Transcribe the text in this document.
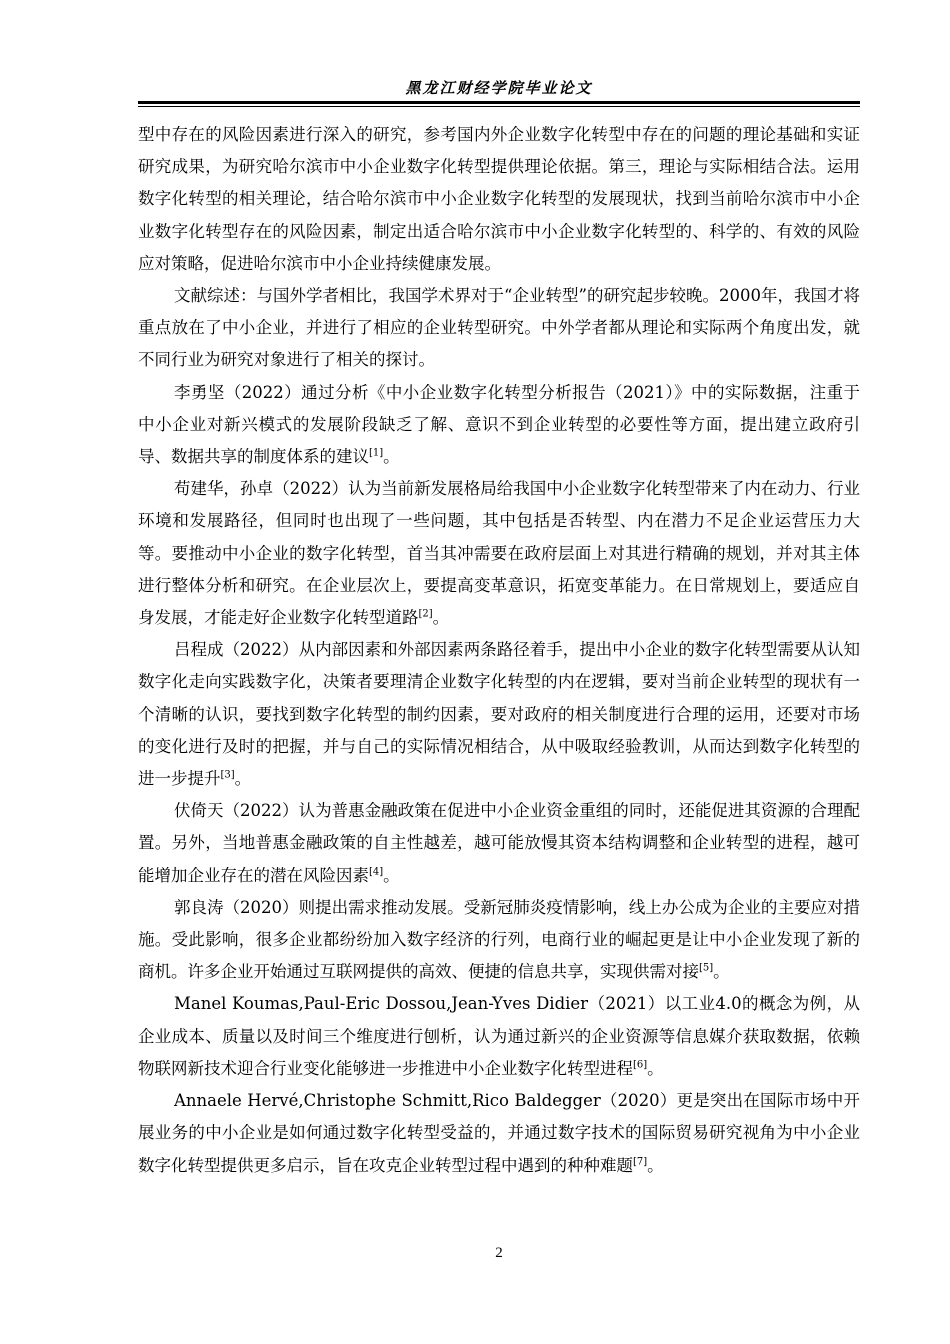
黑龙江财经学院毕业论文

型中存在的风险因素进行深入的研究，参考国内外企业数字化转型中存在的问题的理论基础和实证研究成果，为研究哈尔滨市中小企业数字化转型提供理论依据。第三，理论与实际相结合法。运用数字化转型的相关理论，结合哈尔滨市中小企业数字化转型的发展现状，找到当前哈尔滨市中小企业数字化转型存在的风险因素，制定出适合哈尔滨市中小企业数字化转型的、科学的、有效的风险应对策略，促进哈尔滨市中小企业持续健康发展。

文献综述：与国外学者相比，我国学术界对于“企业转型”的研究起步较晚。2000年，我国才将重点放在了中小企业，并进行了相应的企业转型研究。中外学者都从理论和实际两个角度出发，就不同行业为研究对象进行了相关的探讨。

李勇坚（2022）通过分析《中小企业数字化转型分析报告（2021）》中的实际数据，注重于中小企业对新兴模式的发展阶段缺乏了解、意识不到企业转型的必要性等方面，提出建立政府引导、数据共享的制度体系的建议[1]。

苟建华，孙卓（2022）认为当前新发展格局给我国中小企业数字化转型带来了内在动力、行业环境和发展路径，但同时也出现了一些问题，其中包括是否转型、内在潜力不足企业运营压力大等。要推动中小企业的数字化转型，首当其冲需要在政府层面上对其进行精确的规划，并对其主体进行整体分析和研究。在企业层次上，要提高变革意识，拓宽变革能力。在日常规划上，要适应自身发展，才能走好企业数字化转型道路[2]。

吕程成（2022）从内部因素和外部因素两条路径着手，提出中小企业的数字化转型需要从认知数字化走向实践数字化，决策者要理清企业数字化转型的内在逻辑，要对当前企业转型的现状有一个清晰的认识，要找到数字化转型的制约因素，要对政府的相关制度进行合理的运用，还要对市场的变化进行及时的把握，并与自己的实际情况相结合，从中吸取经验教训，从而达到数字化转型的进一步提升[3]。

伏倚天（2022）认为普惠金融政策在促进中小企业资金重组的同时，还能促进其资源的合理配置。另外，当地普惠金融政策的自主性越差，越可能放慢其资本结构调整和企业转型的进程，越可能增加企业存在的潜在风险因素[4]。

郭良涛（2020）则提出需求推动发展。受新冠肺炎疫情影响，线上办公成为企业的主要应对措施。受此影响，很多企业都纷纷加入数字经济的行列，电商行业的崛起更是让中小企业发现了新的商机。许多企业开始通过互联网提供的高效、便捷的信息共享，实现供需对接[5]。

Manel Koumas,Paul-Eric Dossou,Jean-Yves Didier（2021）以工业4.0的概念为例，从企业成本、质量以及时间三个维度进行刨析，认为通过新兴的企业资源等信息媒介获取数据，依赖物联网新技术迎合行业变化能够进一步推进中小企业数字化转型进程[6]。

Annaele Hervé,Christophe Schmitt,Rico Baldegger（2020）更是突出在国际市场中开展业务的中小企业是如何通过数字化转型受益的，并通过数字技术的国际贸易研究视角为中小企业数字化转型提供更多启示，旨在攻克企业转型过程中遇到的种种难题[7]。

2
